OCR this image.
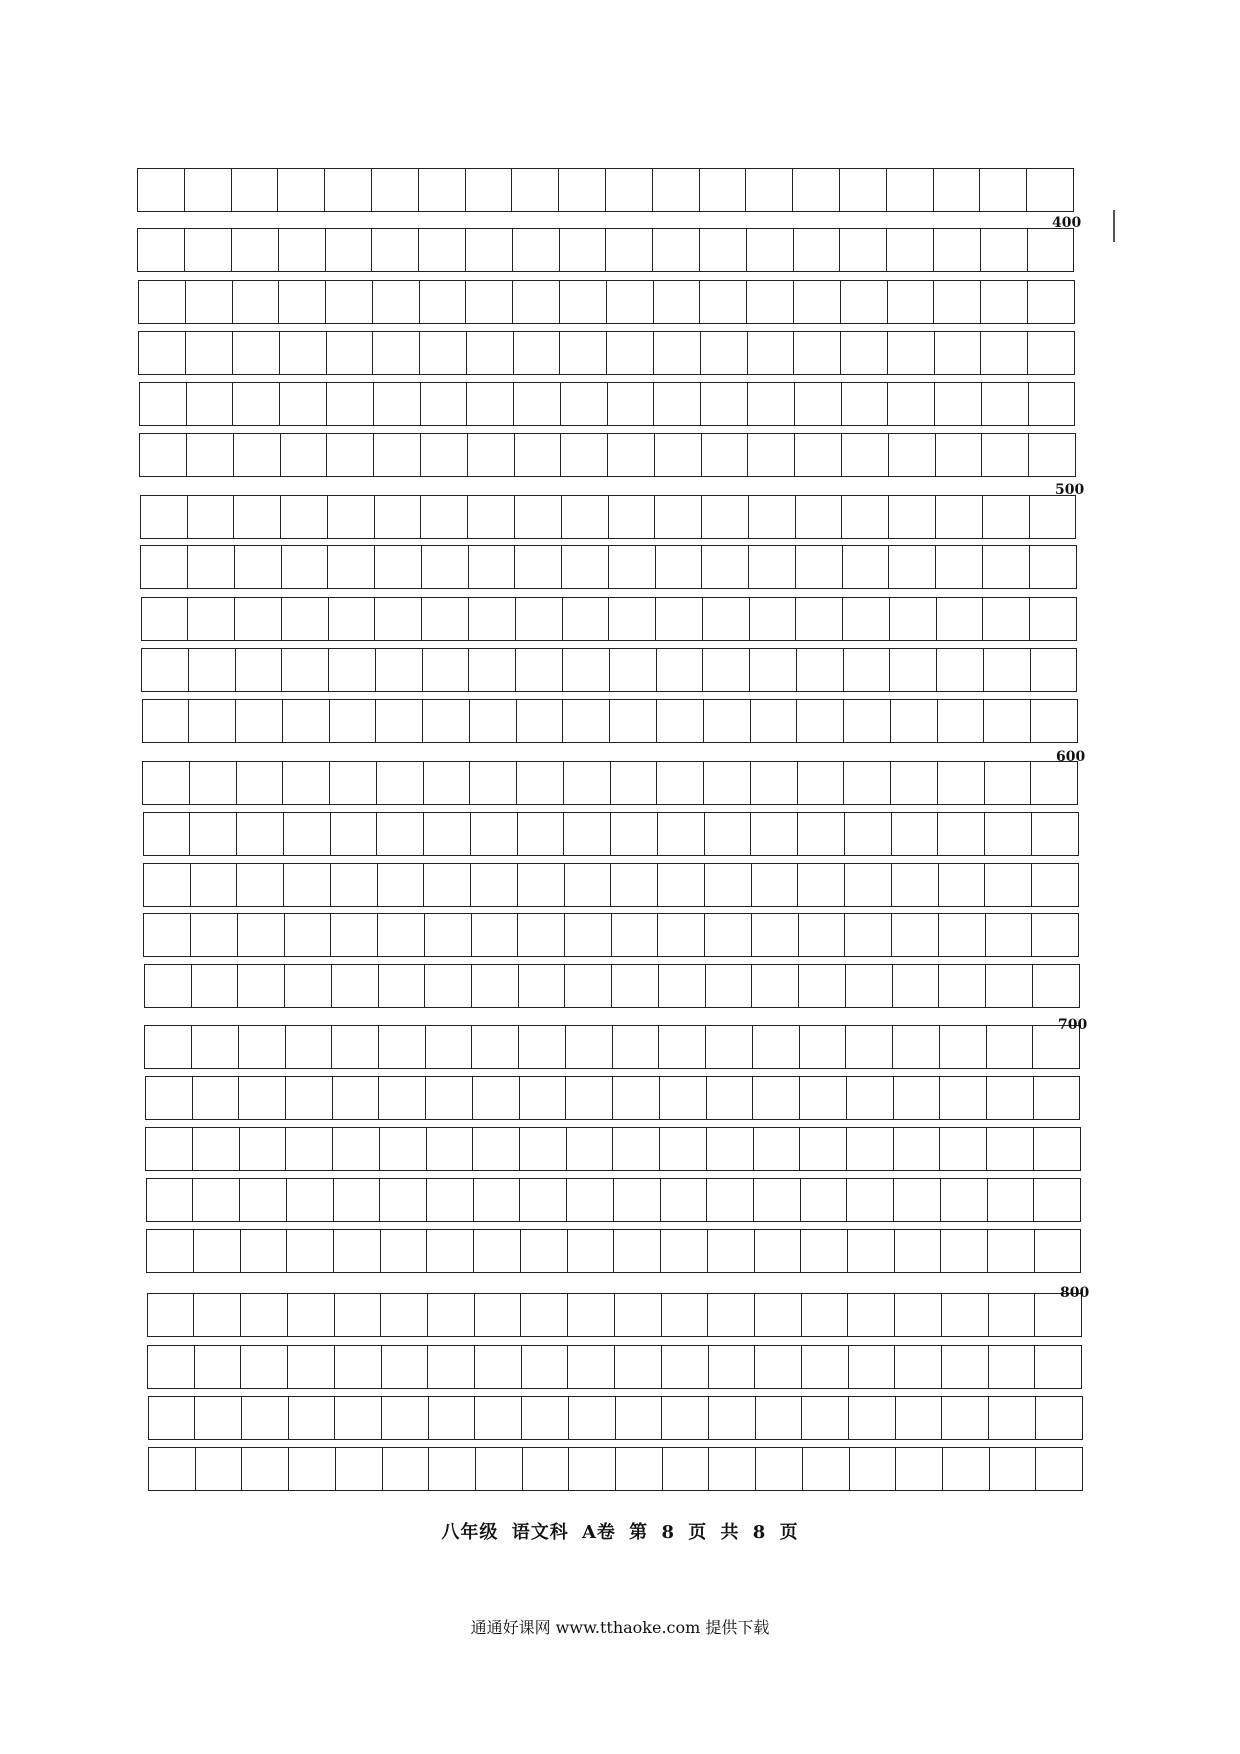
400
500
600
700
800
八年级 语文科 A卷 第 8 页 共 8 页
通通好课网 www.tthaoke.com 提供下载
